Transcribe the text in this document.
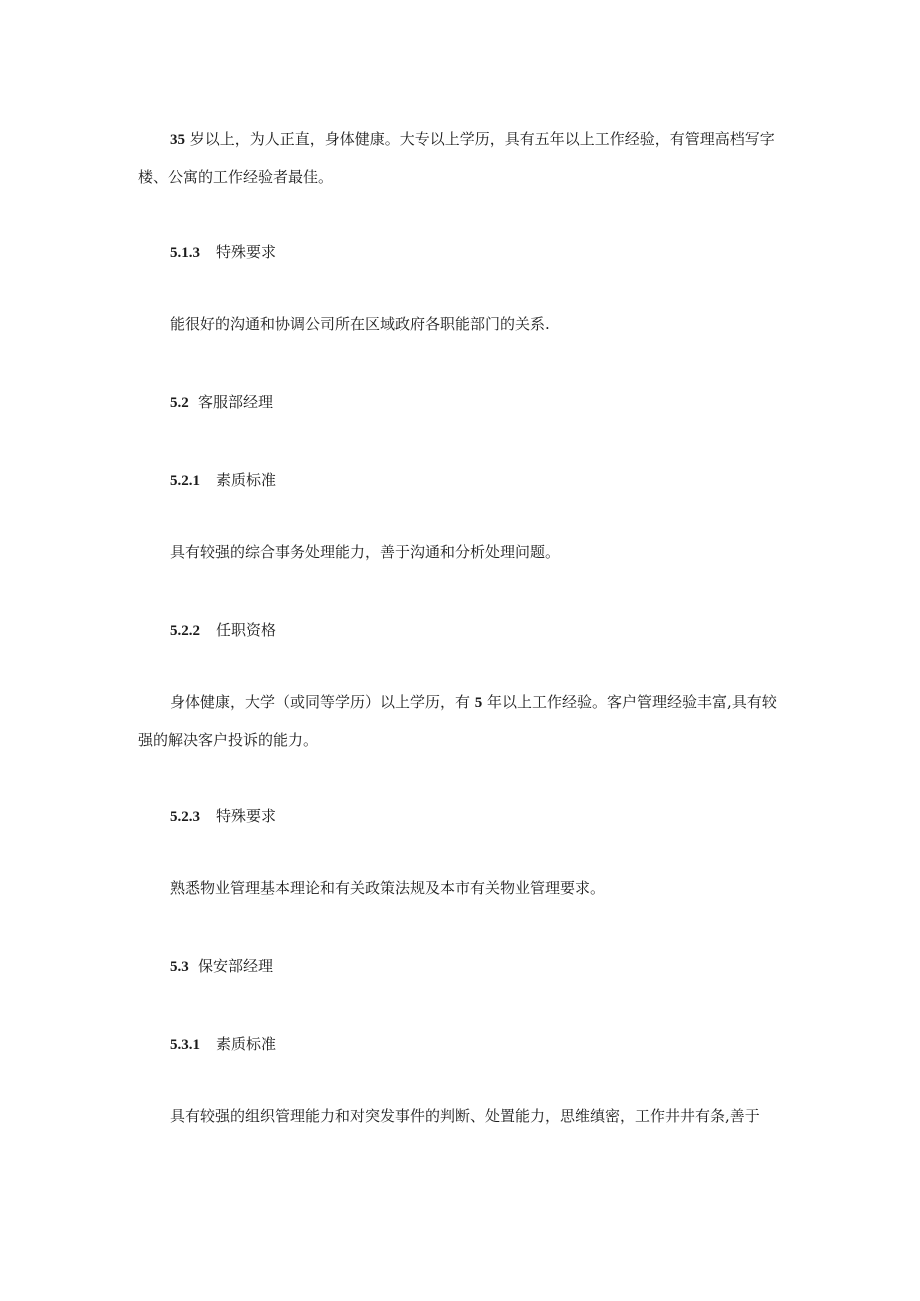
35 岁以上，为人正直，身体健康。大专以上学历，具有五年以上工作经验，有管理高档写字楼、公寓的工作经验者最佳。
5.1.3 特殊要求
能很好的沟通和协调公司所在区域政府各职能部门的关系.
5.2 客服部经理
5.2.1 素质标准
具有较强的综合事务处理能力，善于沟通和分析处理问题。
5.2.2 任职资格
身体健康，大学（或同等学历）以上学历，有 5 年以上工作经验。客户管理经验丰富,具有较强的解决客户投诉的能力。
5.2.3 特殊要求
熟悉物业管理基本理论和有关政策法规及本市有关物业管理要求。
5.3 保安部经理
5.3.1 素质标准
具有较强的组织管理能力和对突发事件的判断、处置能力，思维缜密，工作井井有条,善于
